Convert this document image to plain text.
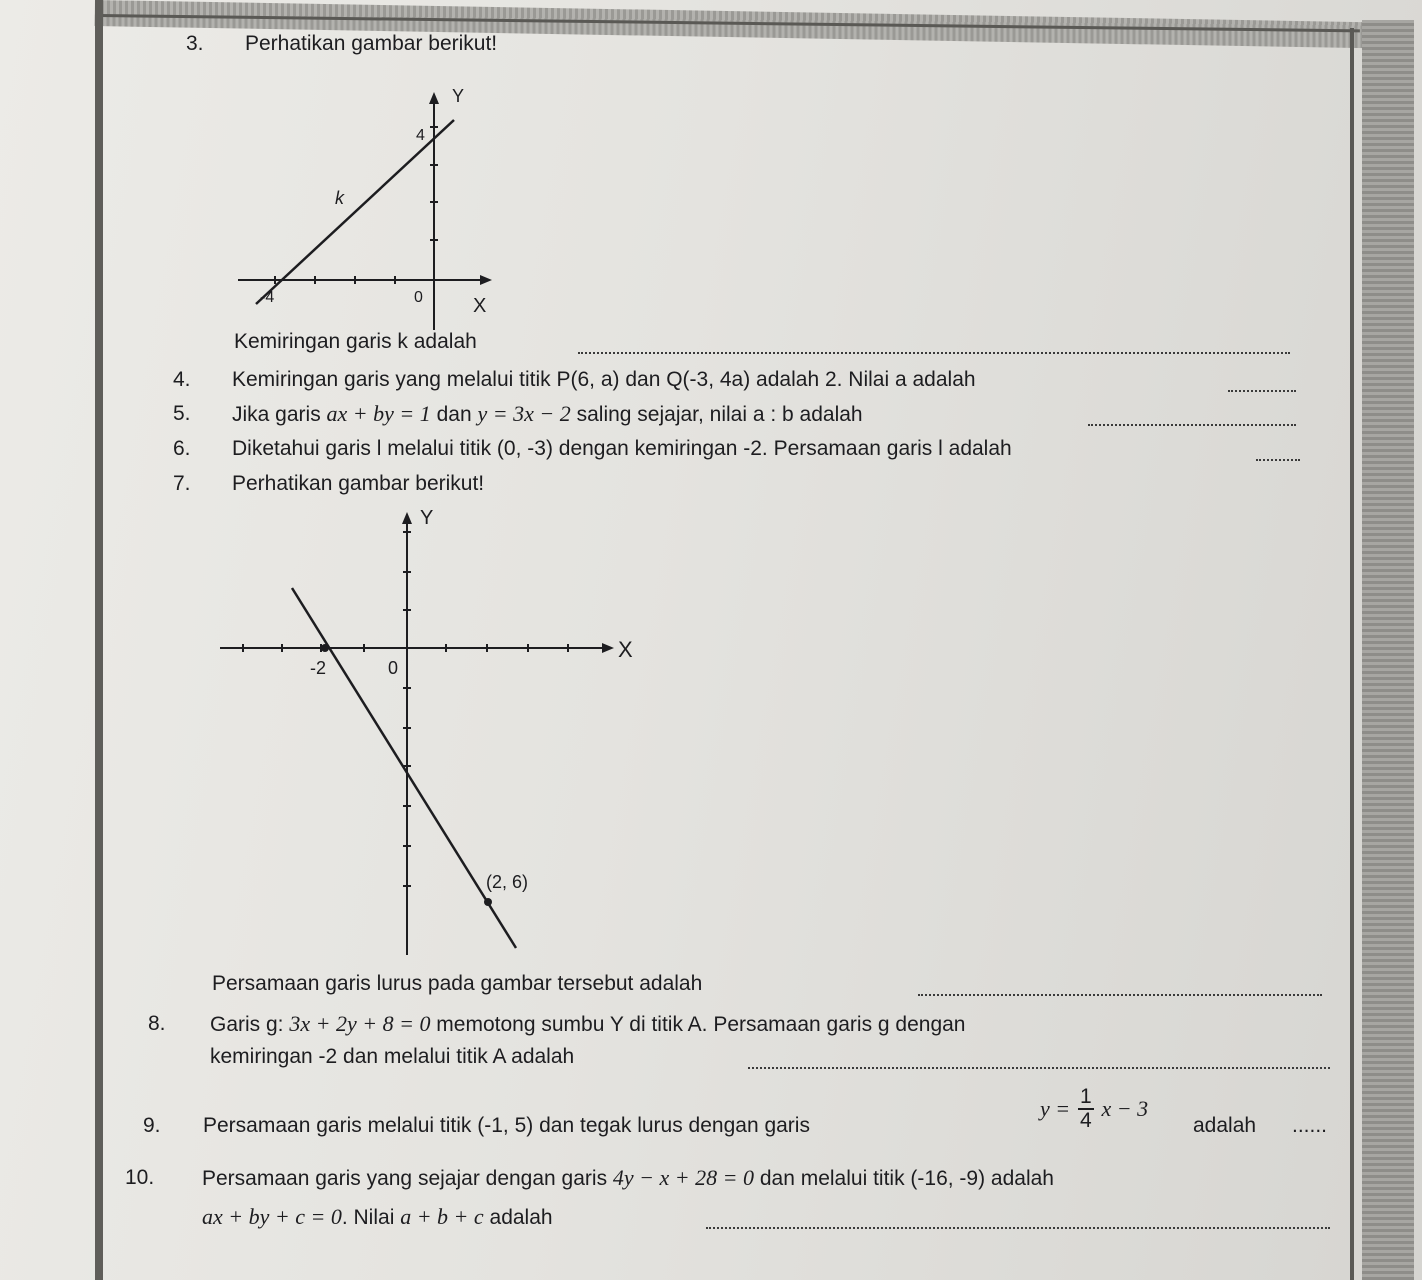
3. Perhatikan gambar berikut!
Y
X
k
4
-4	0
Kemiringan garis k adalah
4. Kemiringan garis yang melalui titik P(6, a) dan Q(-3, 4a) adalah 2. Nilai a adalah
5. Jika garis ax + by = 1 dan y = 3x − 2 saling sejajar, nilai a : b adalah
6. Diketahui garis l melalui titik (0, -3) dengan kemiringan -2. Persamaan garis l adalah
7. Perhatikan gambar berikut!
Y
X
-2	0
(2, 6)
Persamaan garis lurus pada gambar tersebut adalah
8. Garis g: 3x + 2y + 8 = 0 memotong sumbu Y di titik A. Persamaan garis g dengan
kemiringan -2 dan melalui titik A adalah
9. Persamaan garis melalui titik (-1, 5) dan tegak lurus dengan garis
$y = \frac{1}{4}$ x − 3
adalah ......
10. Persamaan garis yang sejajar dengan garis 4y − x + 28 = 0 dan melalui titik (-16, -9) adalah
ax + by + c = 0. Nilai a + b + c adalah
